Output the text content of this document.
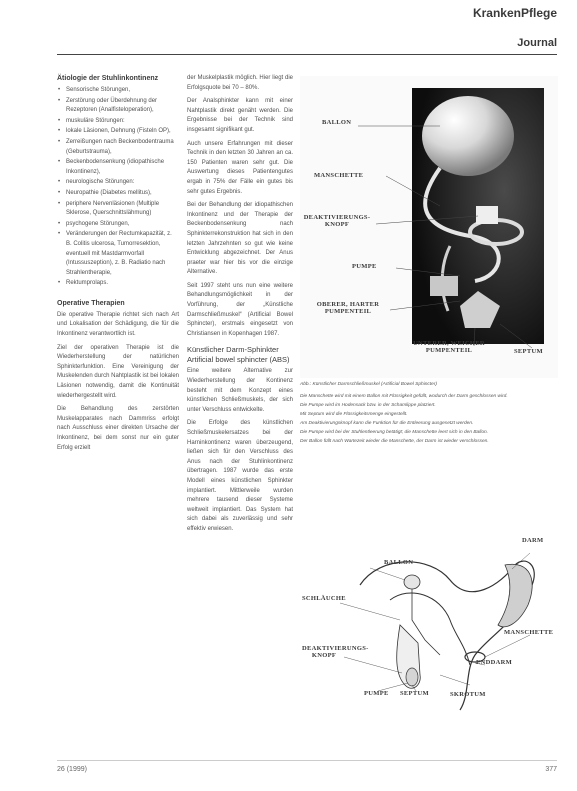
KrankenPflege
Journal
Ätiologie der Stuhlinkontinenz
• Sensorische Störungen,
• Zerstörung oder Überdehnung der Rezeptoren (Analfisteloperation),
• muskuläre Störungen:
• lokale Läsionen, Dehnung (Fisteln OP),
• Zerreißungen nach Beckenbodentrauma (Geburtstrauma),
• Beckenbodensenkung (idiopathische Inkontinenz),
• neurologische Störungen:
• Neuropathie (Diabetes mellitus),
• periphere Nervenläsionen (Multiple Sklerose, Querschnittslähmung)
• psychogene Störungen,
• Veränderungen der Rectumkapazität, z. B. Colitis ulcerosa, Tumorresektion, eventuell mit Mastdarmvorfall (Intussuszeption), z. B. Radiatio nach Strahlentherapie,
• Rektumprolaps.
Operative Therapien

Die operative Therapie richtet sich nach Art und Lokalisation der Schädigung, die für die Inkontinenz verantwortlich ist.

Ziel der operativen Therapie ist die Wiederherstellung der natürlichen Sphinkterfunktion. Eine Vereinigung der Muskelenden durch Nahtplastik ist bei lokalen Läsionen notwendig, damit die Kontinuität wiederhergestellt wird.

Die Behandlung des zerstörten Muskelapparates nach Dammriss erfolgt nach Ausschluss einer direkten Ursache der Inkontinenz, bei dem sonst nur ein guter Erfolg erzielt

der Muskelplastik möglich. Hier liegt die Erfolgsquote bei 70 – 80%.

Der Analsphinkter kann mit einer Nahtplastik direkt genäht werden. Die Ergebnisse bei der Technik sind insgesamt signifikant gut.

Auch unsere Erfahrungen mit dieser Technik in den letzten 30 Jahren an ca. 150 Patienten waren sehr gut. Die Auswertung dieses Patientengutes ergab in 75% der Fälle ein gutes bis sehr gutes Ergebnis.

Bei der Behandlung der idiopathischen Inkontinenz und der Therapie der Beckenbodensenkung nach Sphinkterrekonstruktion hat sich in den letzten Jahrzehnten so gut wie keine Entwicklung abgezeichnet. Der Anus praeter war hier bis vor die einzige Alternative.

Seit 1997 steht uns nun eine weitere Behandlungsmöglichkeit in der Vorführung, der „Künstliche Darmschließmuskel“ (Artificial Bowel Sphincter), erstmals eingesetzt von Christiansen in Kopenhagen 1987.

Künstlicher Darm-Sphinkter Artificial bowel sphincter (ABS)

Eine weitere Alternative zur Wiederherstellung der Kontinenz besteht mit dem Konzept eines künstlichen Schließmuskels, der sich unter Verschluss entwickelte.

Die Erfolge des künstlichen Schließmuskelersatzes bei der Harninkontinenz waren überzeugend, ließen sich für den Verschluss des Anus nach der Stuhlinkontinenz übertragen. 1987 wurde das erste Modell eines künstlichen Sphinkter implantiert. Mittlerweile wurden mehrere tausend dieser Systeme weltweit implantiert. Das System hat sich dabei als zuverlässig und sehr effektiv erwiesen.

BALLON
MANSCHETTE
DEAKTIVIERUNGS-KNOPF
PUMPE
OBERER, HARTER PUMPENTEIL
UNTERER, WEICHER PUMPENTEIL	SEPTUM

Abb.: Künstlicher Darmschließmuskel (Artificial Bowel Sphincter)

Die Manschette wird mit einem Ballon mit Flüssigkeit gefüllt, wodurch der Darm geschlossen wird.

Die Pumpe wird im Hodensack bzw. in der Schamlippe platziert.

Mit Septum wird die Flüssigkeitsmenge eingestellt.

Am Deaktivierungsknopf kann die Funktion für die Entleerung ausgesetzt werden.

Die Pumpe wird bei der Stuhlentleerung betätigt; die Manschette leert sich in den Ballon.

Der Ballon füllt nach Wartezeit wieder die Manschette, der Darm ist wieder verschlossen.

DARM
BALLON
SCHLÄUCHE
MANSCHETTE
DEAKTIVIERUNGS-KNOPF
ENDDARM
PUMPE SEPTUM	SKROTUM
26 (1999)	377
